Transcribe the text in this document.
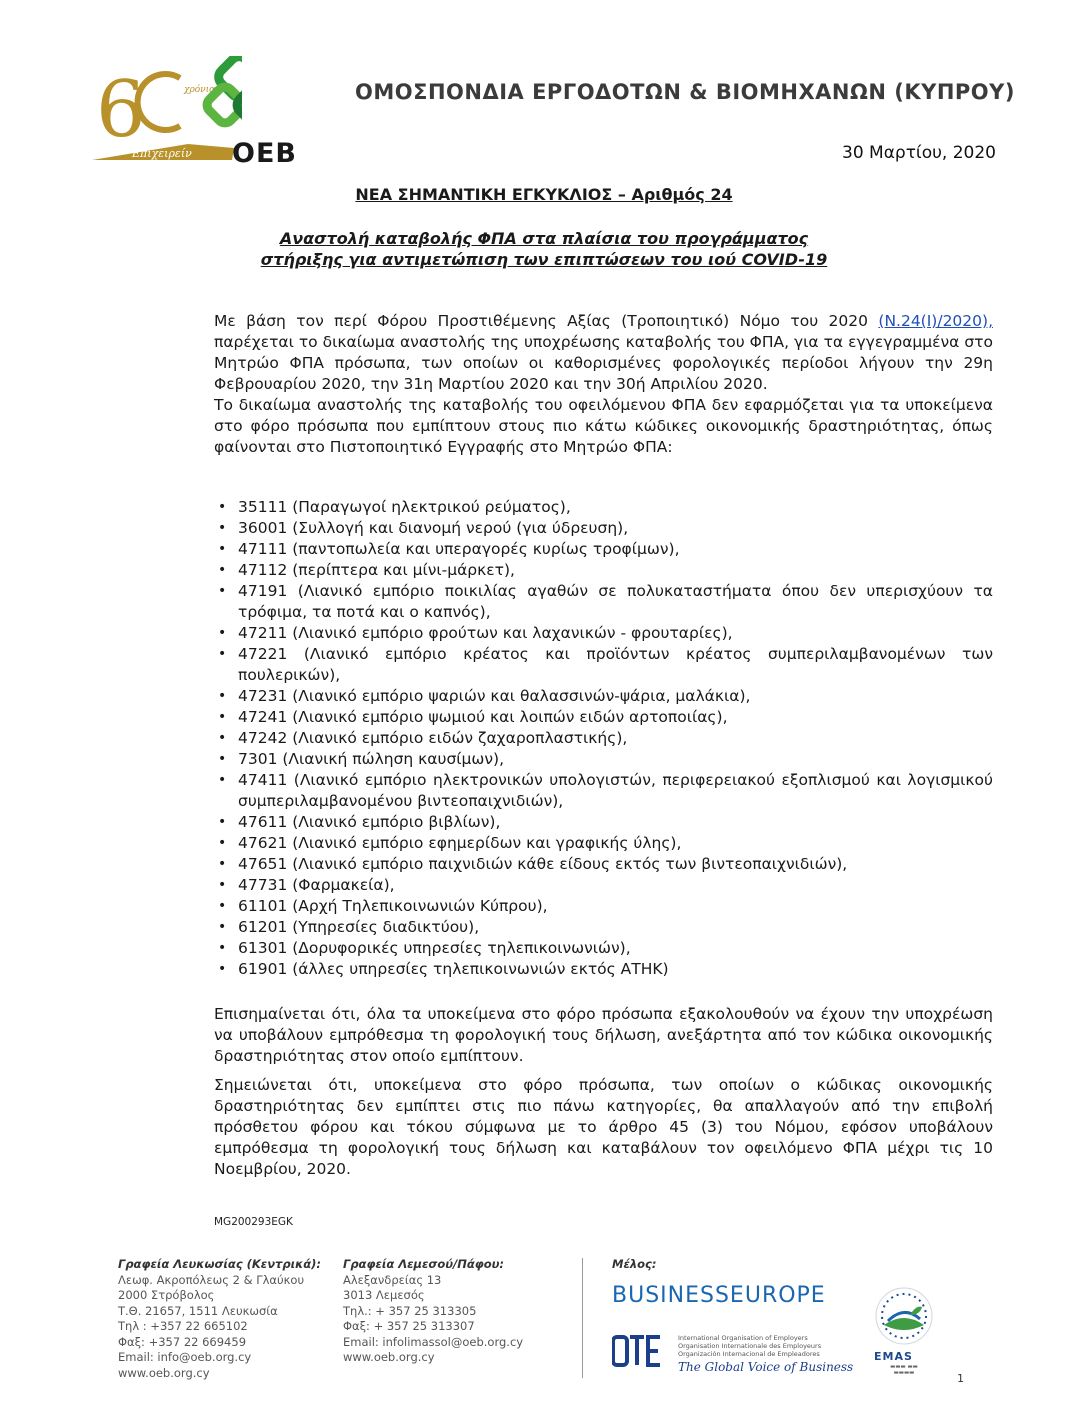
6	χρόνια
Επιχειρείν OEB
ΟΜΟΣΠΟΝΔΙΑ ΕΡΓΟΔΟΤΩΝ & ΒΙΟΜΗΧΑΝΩΝ (ΚΥΠΡΟΥ)
30 Μαρτίου, 2020
ΝΕΑ ΣΗΜΑΝΤΙΚΗ ΕΓΚΥΚΛΙΟΣ – Αριθμός 24
Αναστολή καταβολής ΦΠΑ στα πλαίσια του προγράμματος
στήριξης για αντιμετώπιση των επιπτώσεων του ιού COVID-19
Με βάση τον περί Φόρου Προστιθέμενης Αξίας (Τροποιητικό) Νόμο του 2020 (Ν.24(Ι)/2020), παρέχεται το δικαίωμα αναστολής της υποχρέωσης καταβολής του ΦΠΑ, για τα εγγεγραμμένα στο Μητρώο ΦΠΑ πρόσωπα, των οποίων οι καθορισμένες φορολογικές περίοδοι λήγουν την 29η Φεβρουαρίου 2020, την 31η Μαρτίου 2020 και την 30ή Απριλίου 2020.
Το δικαίωμα αναστολής της καταβολής του οφειλόμενου ΦΠΑ δεν εφαρμόζεται για τα υποκείμενα στο φόρο πρόσωπα που εμπίπτουν στους πιο κάτω κώδικες οικονομικής δραστηριότητας, όπως φαίνονται στο Πιστοποιητικό Εγγραφής στο Μητρώο ΦΠΑ:
• 35111 (Παραγωγοί ηλεκτρικού ρεύματος),
• 36001 (Συλλογή και διανομή νερού (για ύδρευση),
• 47111 (παντοπωλεία και υπεραγορές κυρίως τροφίμων),
• 47112 (περίπτερα και μίνι-μάρκετ),
• 47191 (Λιανικό εμπόριο ποικιλίας αγαθών σε πολυκαταστήματα όπου δεν υπερισχύουν τα τρόφιμα, τα ποτά και ο καπνός),
• 47211 (Λιανικό εμπόριο φρούτων και λαχανικών - φρουταρίες),
• 47221 (Λιανικό εμπόριο κρέατος και προϊόντων κρέατος συμπεριλαμβανομένων των πουλερικών),
• 47231 (Λιανικό εμπόριο ψαριών και θαλασσινών-ψάρια, μαλάκια),
• 47241 (Λιανικό εμπόριο ψωμιού και λοιπών ειδών αρτοποιίας),
• 47242 (Λιανικό εμπόριο ειδών ζαχαροπλαστικής),
• 7301 (Λιανική πώληση καυσίμων),
• 47411 (Λιανικό εμπόριο ηλεκτρονικών υπολογιστών, περιφερειακού εξοπλισμού και λογισμικού συμπεριλαμβανομένου βιντεοπαιχνιδιών),
• 47611 (Λιανικό εμπόριο βιβλίων),
• 47621 (Λιανικό εμπόριο εφημερίδων και γραφικής ύλης),
• 47651 (Λιανικό εμπόριο παιχνιδιών κάθε είδους εκτός των βιντεοπαιχνιδιών),
• 47731 (Φαρμακεία),
• 61101 (Αρχή Τηλεπικοινωνιών Κύπρου),
• 61201 (Υπηρεσίες διαδικτύου),
• 61301 (Δορυφορικές υπηρεσίες τηλεπικοινωνιών),
• 61901 (άλλες υπηρεσίες τηλεπικοινωνιών εκτός ΑΤΗΚ)
Επισημαίνεται ότι, όλα τα υποκείμενα στο φόρο πρόσωπα εξακολουθούν να έχουν την υποχρέωση να υποβάλουν εμπρόθεσμα τη φορολογική τους δήλωση, ανεξάρτητα από τον κώδικα οικονομικής δραστηριότητας στον οποίο εμπίπτουν.
Σημειώνεται ότι, υποκείμενα στο φόρο πρόσωπα, των οποίων ο κώδικας οικονομικής δραστηριότητας δεν εμπίπτει στις πιο πάνω κατηγορίες, θα απαλλαγούν από την επιβολή πρόσθετου φόρου και τόκου σύμφωνα με το άρθρο 45 (3) του Νόμου, εφόσον υποβάλουν εμπρόθεσμα τη φορολογική τους δήλωση και καταβάλουν τον οφειλόμενο ΦΠΑ μέχρι τις 10 Νοεμβρίου, 2020.
MG200293EGK
Γραφεία Λευκωσίας (Κεντρικά):
Λεωφ. Ακροπόλεως 2 & Γλαύκου
2000 Στρόβολος
Τ.Θ. 21657, 1511 Λευκωσία
Τηλ : +357 22 665102
Φαξ: +357 22 669459
Email: info@oeb.org.cy
www.oeb.org.cy
Γραφεία Λεμεσού/Πάφου:
Αλεξανδρείας 13
3013 Λεμεσός
Τηλ.: + 357 25 313305
Φαξ: + 357 25 313307
Email: infolimassol@oeb.org.cy
www.oeb.org.cy
Μέλος:
BUSINESSEUROPE
International Organisation of Employers
Organisation Internationale des Employeurs
Organización Internacional de Empleadores
The Global Voice of Business
EMAS
▬▬▬ ▬▬ ▬▬▬▬	1
